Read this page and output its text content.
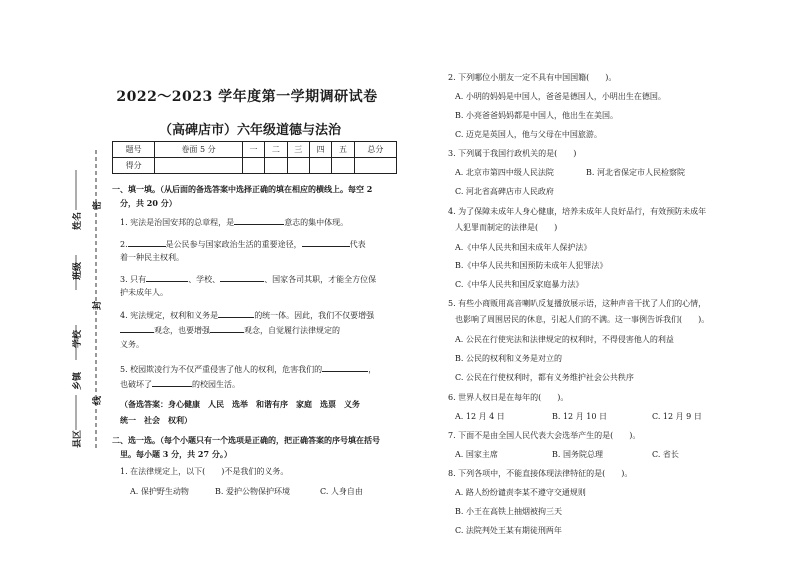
姓名
班级
学校
乡镇
县区
密
封
线
2022～2023 学年度第一学期调研试卷
（高碑店市）六年级道德与法治
题号	卷面 5 分	一	二	三	四	五	总分
得分							
一、填一填。（从后面的备选答案中选择正确的填在相应的横线上。每空 2
分，共 20 分）
1. 宪法是治国安邦的总章程，是	意志的集中体现。
2.	是公民参与国家政治生活的重要途径，	代表
着一种民主权利。
3. 只有	、学校、	、国家各司其职，才能全方位保
护未成年人。
4. 宪法规定，权利和义务是	的统一体。因此，我们不仅要增强
观念，也要增强	观念，自觉履行法律规定的
义务。
5. 校园欺凌行为不仅严重侵害了他人的权利，危害我们的	，
也破坏了	的校园生活。
（备选答案：身心健康　人民　选举　和谐有序　家庭　选票　义务
统一　社会　权利）
二、选一选。（每个小题只有一个选项是正确的，把正确答案的序号填在括号
里。每小题 3 分，共 27 分。）
1. 在法律规定上，以下(　　)不是我们的义务。
A. 保护野生动物	B. 爱护公物保护环境	C. 人身自由
2. 下列哪位小朋友一定不具有中国国籍(　　)。
A. 小明的妈妈是中国人，爸爸是德国人，小明出生在德国。
B. 小亮爸爸妈妈都是中国人，他出生在美国。
C. 迈克是英国人，他与父母在中国旅游。
3. 下列属于我国行政机关的是(　　)
A. 北京市第四中级人民法院	B. 河北省保定市人民检察院
C. 河北省高碑店市人民政府
4. 为了保障未成年人身心健康，培养未成年人良好品行，有效预防未成年
人犯罪而制定的法律是(　　)
A.《中华人民共和国未成年人保护法》
B.《中华人民共和国预防未成年人犯罪法》
C.《中华人民共和国反家庭暴力法》
5. 有些小商贩用高音喇叭反复播放展示语，这种声音干扰了人们的心情，
也影响了周围居民的休息，引起人们的不满。这一事例告诉我们(　　)。
A. 公民在行使宪法和法律规定的权利时，不得侵害他人的利益
B. 公民的权利和义务是对立的
C. 公民在行使权利时，都有义务维护社会公共秩序
6. 世界人权日是在每年的(　　)。
A. 12 月 4 日	B. 12 月 10 日	C. 12 月 9 日
7. 下面不是由全国人民代表大会选举产生的是(　　)。
A. 国家主席	B. 国务院总理	C. 省长
8. 下列各项中，不能直接体现法律特征的是(　　)。
A. 路人纷纷谴责李某不遵守交通规则
B. 小王在高铁上抽烟被拘三天
C. 法院判处王某有期徒刑两年
